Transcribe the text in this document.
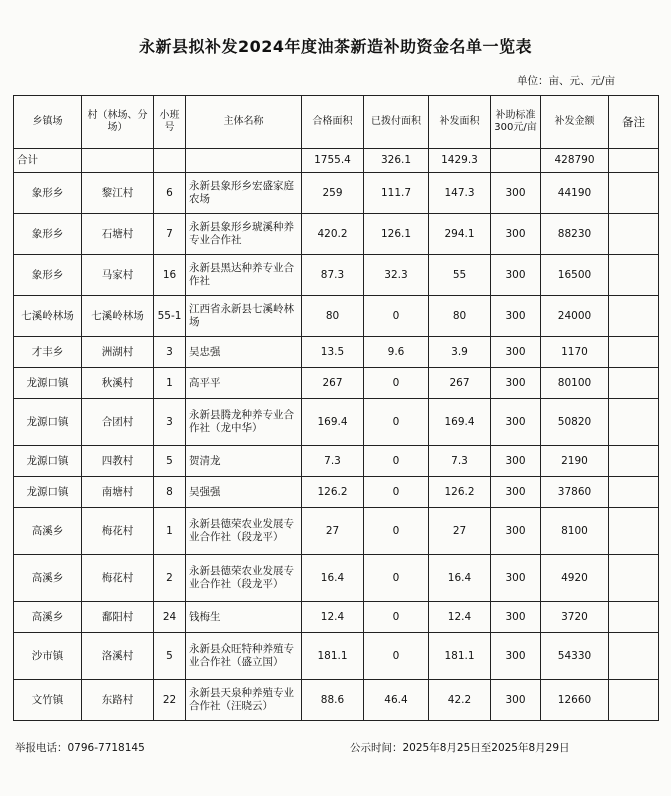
永新县拟补发2024年度油茶新造补助资金名单一览表
单位：亩、元、元/亩
乡镇场	村（林场、分场）	小班号	主体名称	合格面积	已拨付面积	补发面积	补助标准300元/亩	补发金额	备注
合计				1755.4	326.1	1429.3		428790	
象形乡	黎江村	6	永新县象形乡宏盛家庭农场	259	111.7	147.3	300	44190	
象形乡	石塘村	7	永新县象形乡琥溪种养专业合作社	420.2	126.1	294.1	300	88230	
象形乡	马家村	16	永新县黑达种养专业合作社	87.3	32.3	55	300	16500	
七溪岭林场	七溪岭林场	55-1	江西省永新县七溪岭林场	80	0	80	300	24000	
才丰乡	洲湖村	3	吴忠强	13.5	9.6	3.9	300	1170	
龙源口镇	秋溪村	1	高平平	267	0	267	300	80100	
龙源口镇	合团村	3	永新县腾龙种养专业合作社（龙中华）	169.4	0	169.4	300	50820	
龙源口镇	四教村	5	贺清龙	7.3	0	7.3	300	2190	
龙源口镇	南塘村	8	吴强强	126.2	0	126.2	300	37860	
高溪乡	梅花村	1	永新县德荣农业发展专业合作社（段龙平）	27	0	27	300	8100	
高溪乡	梅花村	2	永新县德荣农业发展专业合作社（段龙平）	16.4	0	16.4	300	4920	
高溪乡	鄱阳村	24	钱梅生	12.4	0	12.4	300	3720	
沙市镇	洛溪村	5	永新县众旺特种养殖专业合作社（盛立国）	181.1	0	181.1	300	54330	
文竹镇	东路村	22	永新县天泉种养殖专业合作社（汪晓云）	88.6	46.4	42.2	300	12660	
举报电话：0796-7718145	公示时间：2025年8月25日至2025年8月29日
